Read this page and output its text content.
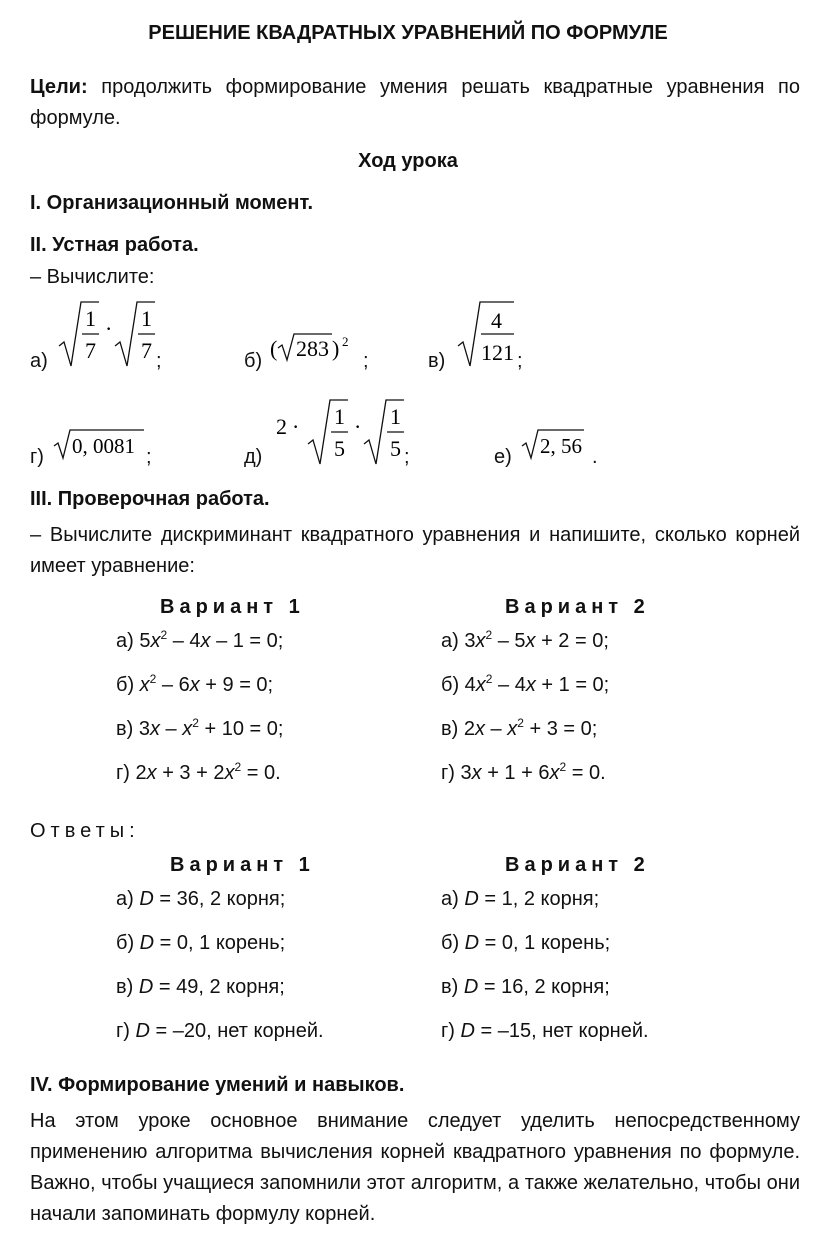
РЕШЕНИЕ КВАДРАТНЫХ УРАВНЕНИЙ ПО ФОРМУЛЕ
Цели: продолжить формирование умения решать квадратные уравнения по формуле.
Ход урока
I. Организационный момент.
II. Устная работа.
– Вычислите:
а)
1
7
· 1
7 ;	б) ( 283 ) 2
;	в)
4
121 ;
г) 0, 0081 ;	д)
2 · 1
5
· 1
5 ;	е) 2, 56 .
III. Проверочная работа.
– Вычислите дискриминант квадратного уравнения и напишите, сколько корней имеет уравнение:
Вариант 1	Вариант 2
а) $5x^2 - 4x - 1 = 0$;
б) $x^2 - 6x + 9 = 0$;
в) $3x - x^2 + 10 = 0$;
г) $2x + 3 + 2x^2 = 0$.
а) $3x^2 - 5x + 2 = 0$;
б) $4x^2 - 4x + 1 = 0$;
в) $2x - x^2 + 3 = 0$;
г) $3x + 1 + 6x^2 = 0$.
Ответы:
Вариант 1	Вариант 2
а) D = 36, 2 корня;
б) D = 0, 1 корень;
в) D = 49, 2 корня;
г) D = –20, нет корней.
а) D = 1, 2 корня;
б) D = 0, 1 корень;
в) D = 16, 2 корня;
г) D = –15, нет корней.
IV. Формирование умений и навыков.
На этом уроке основное внимание следует уделить непосредственному применению алгоритма вычисления корней квадратного уравнения по формуле. Важно, чтобы учащиеся запомнили этот алгоритм, а также желательно, чтобы они начали запоминать формулу корней.
